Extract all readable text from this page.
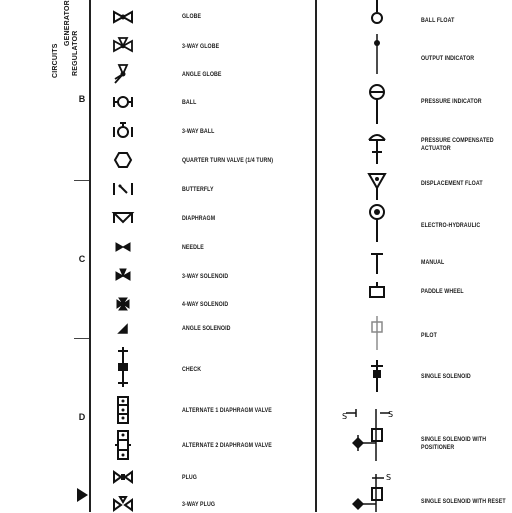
GENERATOR
REGULATOR
CIRCUITS
B
C
D
GLOBE
3-WAY GLOBE
ANGLE GLOBE
BALL
3-WAY BALL
QUARTER TURN VALVE (1/4 TURN)
BUTTERFLY
DIAPHRAGM
NEEDLE
3-WAY SOLENOID
4-WAY SOLENOID
ANGLE SOLENOID
CHECK
ALTERNATE 1 DIAPHRAGM VALVE
ALTERNATE 2 DIAPHRAGM VALVE
PLUG
3-WAY PLUG
BALL FLOAT
OUTPUT INDICATOR
PRESSURE INDICATOR
PRESSURE COMPENSATED ACTUATOR
DISPLACEMENT FLOAT
ELECTRO-HYDRAULIC
MANUAL
PADDLE WHEEL
PILOT
SINGLE SOLENOID
S	S
SINGLE SOLENOID WITH POSITIONER
S
SINGLE SOLENOID WITH RESET
